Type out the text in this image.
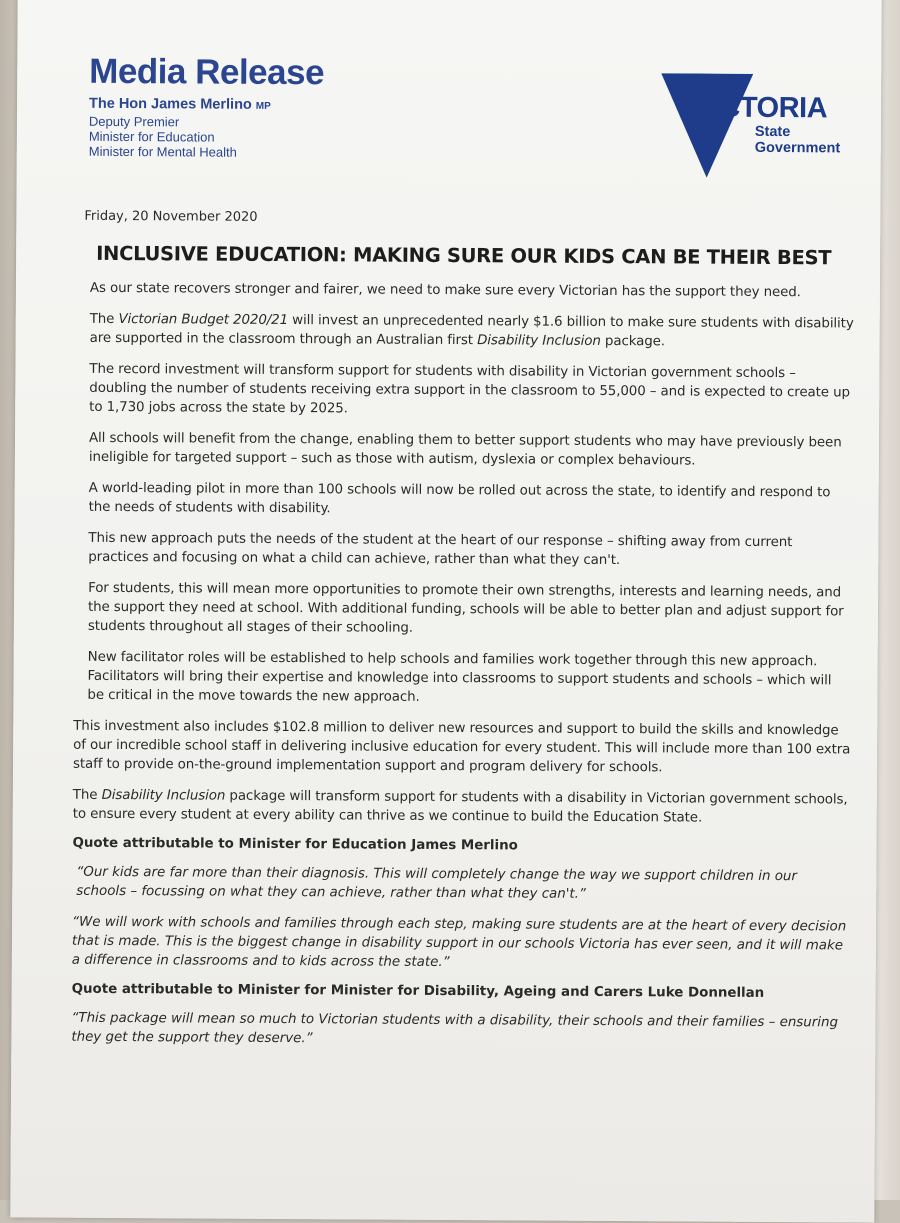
Media Release
The Hon James Merlino MP
Deputy Premier
Minister for Education
Minister for Mental Health
VICTORIA
State
Government
Friday, 20 November 2020
INCLUSIVE EDUCATION: MAKING SURE OUR KIDS CAN BE THEIR BEST

As our state recovers stronger and fairer, we need to make sure every Victorian has the support they need.

The Victorian Budget 2020/21 will invest an unprecedented nearly $1.6 billion to make sure students with disability are supported in the classroom through an Australian first Disability Inclusion package.

The record investment will transform support for students with disability in Victorian government schools – doubling the number of students receiving extra support in the classroom to 55,000 – and is expected to create up to 1,730 jobs across the state by 2025.

All schools will benefit from the change, enabling them to better support students who may have previously been ineligible for targeted support – such as those with autism, dyslexia or complex behaviours.

A world-leading pilot in more than 100 schools will now be rolled out across the state, to identify and respond to the needs of students with disability.

This new approach puts the needs of the student at the heart of our response – shifting away from current practices and focusing on what a child can achieve, rather than what they can't.

For students, this will mean more opportunities to promote their own strengths, interests and learning needs, and the support they need at school. With additional funding, schools will be able to better plan and adjust support for students throughout all stages of their schooling.

New facilitator roles will be established to help schools and families work together through this new approach. Facilitators will bring their expertise and knowledge into classrooms to support students and schools – which will be critical in the move towards the new approach.

This investment also includes $102.8 million to deliver new resources and support to build the skills and knowledge of our incredible school staff in delivering inclusive education for every student. This will include more than 100 extra staff to provide on-the-ground implementation support and program delivery for schools.

The Disability Inclusion package will transform support for students with a disability in Victorian government schools, to ensure every student at every ability can thrive as we continue to build the Education State.

Quote attributable to Minister for Education James Merlino

“Our kids are far more than their diagnosis. This will completely change the way we support children in our schools – focussing on what they can achieve, rather than what they can't.”

“We will work with schools and families through each step, making sure students are at the heart of every decision that is made. This is the biggest change in disability support in our schools Victoria has ever seen, and it will make a difference in classrooms and to kids across the state.”

Quote attributable to Minister for Minister for Disability, Ageing and Carers Luke Donnellan

“This package will mean so much to Victorian students with a disability, their schools and their families – ensuring they get the support they deserve.”
